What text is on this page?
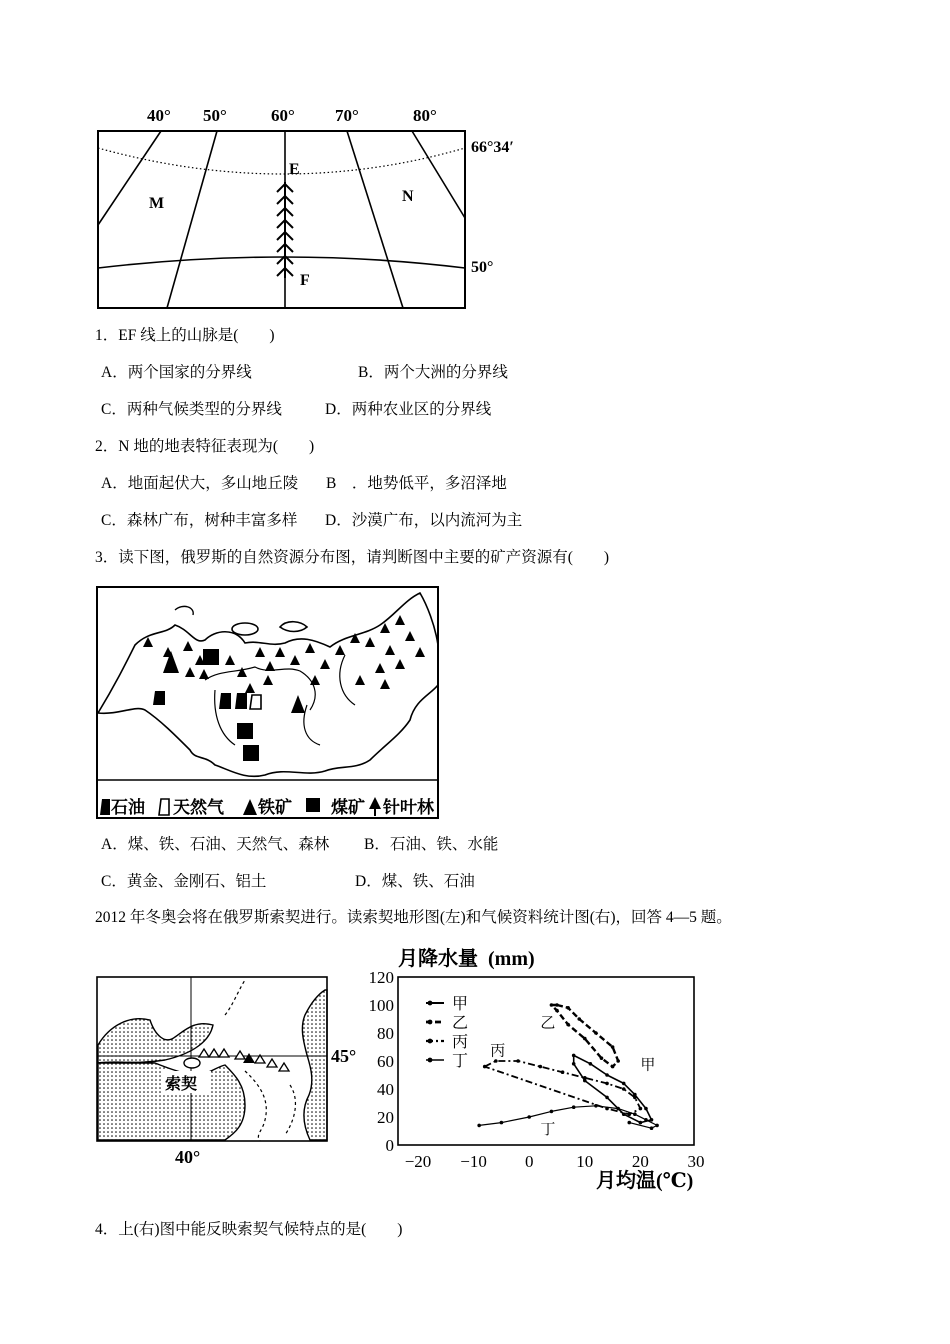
40° 50°	60° 70°	80°
66°34′
50°
M	N
E
F
1．EF 线上的山脉是(　　)
A．两个国家的分界线	B．两个大洲的分界线
C．两种气候类型的分界线	D．两种农业区的分界线
2．N 地的地表特征表现为(　　)
A．地面起伏大，多山地丘陵 B　．地势低平，多沼泽地
C．森林广布，树种丰富多样 D．沙漠广布，以内流河为主
3．读下图，俄罗斯的自然资源分布图，请判断图中主要的矿产资源有(　　)
石油 天然气 铁矿 煤矿 针叶林
A．煤、铁、石油、天然气、森林 B．石油、铁、水能
C．黄金、金刚石、铝土	D．煤、铁、石油
2012 年冬奥会将在俄罗斯索契进行。读索契地形图(左)和气候资料统计图(右)，回答 4—5 题。
索契
45°
40°
月降水量 (mm)
0
20
40
60
80
100
120
−20 −10 0	10 20 30
甲
乙
丙
丁
甲
乙
丙
丁
月均温(℃)
4．上(右)图中能反映索契气候特点的是(　　)
